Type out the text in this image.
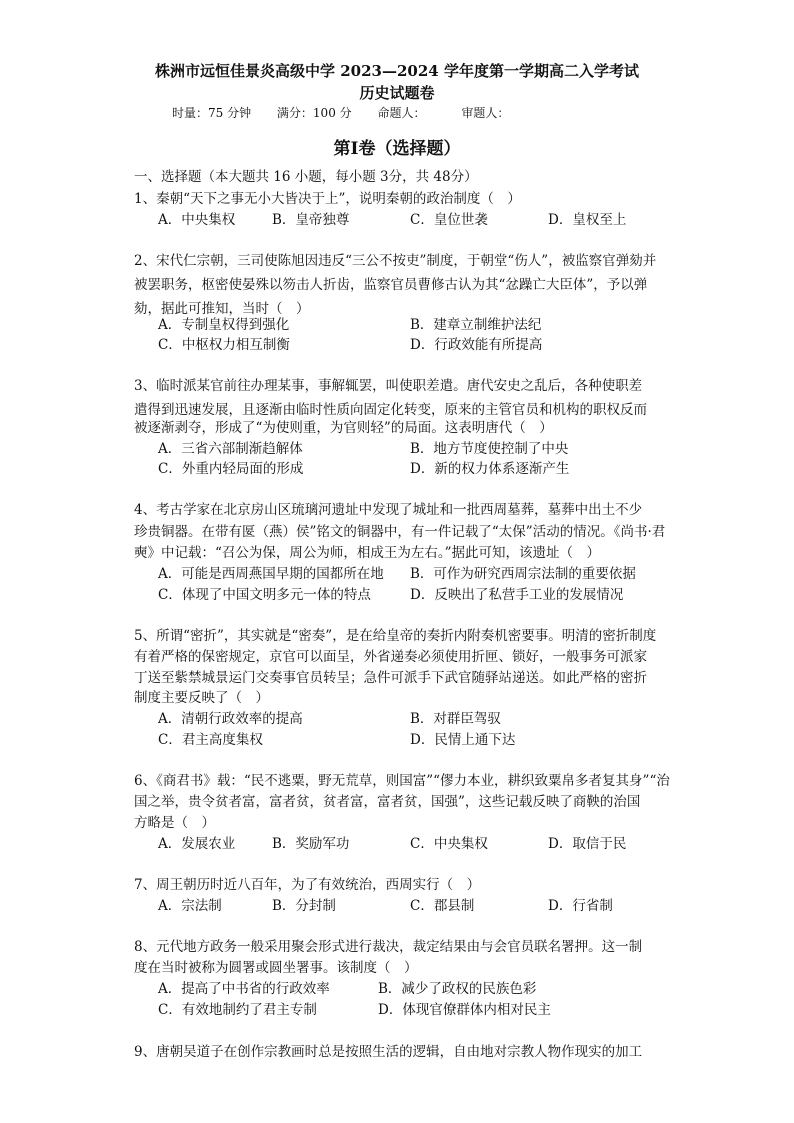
株洲市远恒佳景炎高级中学 2023—2024 学年度第一学期高二入学考试
历史试题卷
时量：75 分钟 满分：100 分 命题人：	审题人：
第Ⅰ卷（选择题）
一、选择题（本大题共 16 小题，每小题 3分，共 48分）
1、秦朝“天下之事无小大皆决于上”，说明秦朝的政治制度（　）
A．中央集权	B．皇帝独尊	C．皇位世袭	D．皇权至上
2、宋代仁宗朝，三司使陈旭因违反“三公不按吏”制度，于朝堂“伤人”，被监察官弹劾并
被罢职务，枢密使晏殊以笏击人折齿，监察官员曹修古认为其“忿躁亡大臣体”，予以弹
劾，据此可推知，当时（　）
A．专制皇权得到强化	B．建章立制维护法纪
C．中枢权力相互制衡	D．行政效能有所提高
3、临时派某官前往办理某事，事解辄罢，叫使职差遣。唐代安史之乱后，各种使职差
遣得到迅速发展，且逐渐由临时性质向固定化转变，原来的主管官员和机构的职权反而
被逐渐剥夺，形成了“为使则重，为官则轻”的局面。这表明唐代（　）
A．三省六部制渐趋解体	B．地方节度使控制了中央
C．外重内轻局面的形成	D．新的权力体系逐渐产生
4、考古学家在北京房山区琉璃河遗址中发现了城址和一批西周墓葬，墓葬中出土不少
珍贵铜器。在带有匽（燕）侯”铭文的铜器中，有一件记载了“太保”活动的情况。《尚书·君
奭》中记载：“召公为保，周公为师，相成王为左右。”据此可知，该遗址（　）
A．可能是西周燕国早期的国都所在地 B．可作为研究西周宗法制的重要依据
C．体现了中国文明多元一体的特点	D．反映出了私营手工业的发展情况
5、所谓“密折”，其实就是“密奏”，是在给皇帝的奏折内附奏机密要事。明清的密折制度
有着严格的保密规定，京官可以面呈，外省递奏必须使用折匣、锁好，一般事务可派家
丁送至紫禁城景运门交奏事官员转呈；急件可派手下武官随驿站递送。如此严格的密折
制度主要反映了（　）
A．清朝行政效率的提高	B．对群臣驾驭
C．君主高度集权	D．民情上通下达
6、《商君书》载：“民不逃粟，野无荒草，则国富”“僇力本业，耕织致粟帛多者复其身”“治
国之举，贵令贫者富，富者贫，贫者富，富者贫，国强”，这些记载反映了商鞅的治国
方略是（　）
A．发展农业	B．奖励军功	C．中央集权	D．取信于民
7、周王朝历时近八百年，为了有效统治，西周实行（　）
A．宗法制	B．分封制	C．郡县制	D．行省制
8、元代地方政务一般采用聚会形式进行裁决，裁定结果由与会官员联名署押。这一制
度在当时被称为圆署或圆坐署事。该制度（　）
A．提高了中书省的行政效率	B．减少了政权的民族色彩
C．有效地制约了君主专制	D．体现官僚群体内相对民主
9、唐朝吴道子在创作宗教画时总是按照生活的逻辑，自由地对宗教人物作现实的加工
